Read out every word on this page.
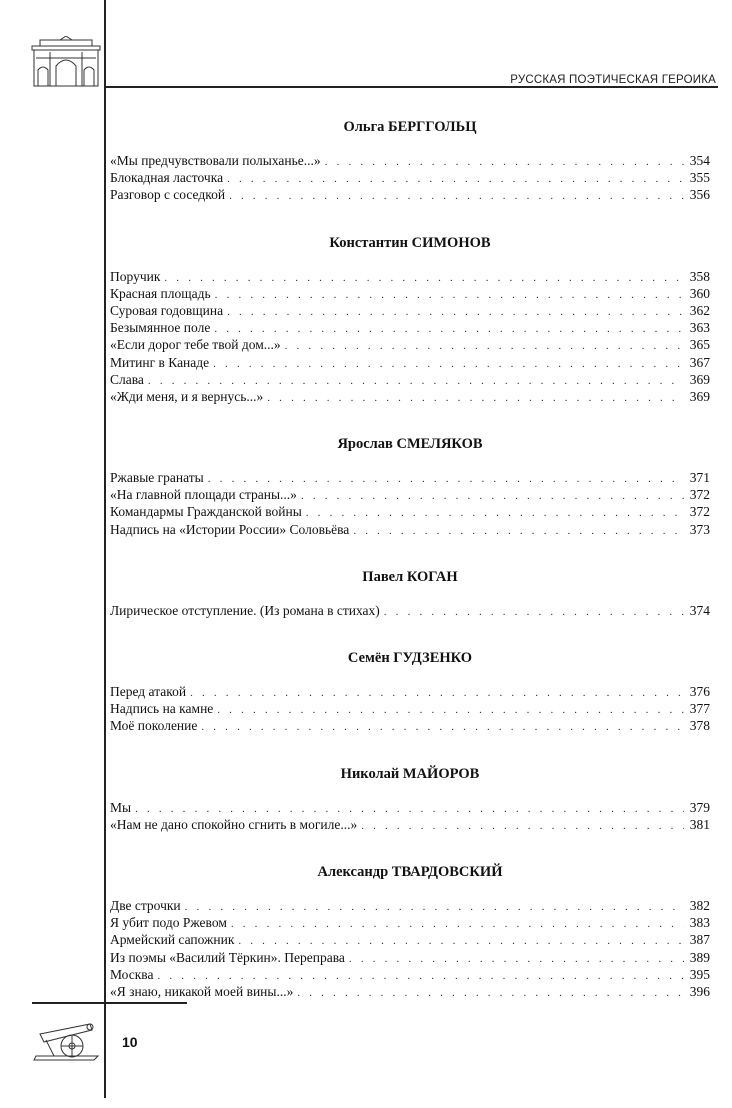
РУССКАЯ ПОЭТИЧЕСКАЯ ГЕРОИКА
Ольга БЕРГГОЛЬЦ
«Мы предчувствовали полыханье...» . . .	354
Блокадная ласточка . . .	355
Разговор с соседкой . . .	356
Константин СИМОНОВ
Поручик . . .	358
Красная площадь . . .	360
Суровая годовщина . . .	362
Безымянное поле . . .	363
«Если дорог тебе твой дом...» . . .	365
Митинг в Канаде . . .	367
Слава . . .	369
«Жди меня, и я вернусь...» . . .	369
Ярослав СМЕЛЯКОВ
Ржавые гранаты . . .	371
«На главной площади страны...» . . .	372
Командармы Гражданской войны . . .	372
Надпись на «Истории России» Соловьёва . . .	373
Павел КОГАН
Лирическое отступление. (Из романа в стихах) . . .	374
Семён ГУДЗЕНКО
Перед атакой . . .	376
Надпись на камне . . .	377
Моё поколение . . .	378
Николай МАЙОРОВ
Мы . . .	379
«Нам не дано спокойно сгнить в могиле...» . . .	381
Александр ТВАРДОВСКИЙ
Две строчки . . .	382
Я убит подо Ржевом . . .	383
Армейский сапожник . . .	387
Из поэмы «Василий Тёркин». Переправа . . .	389
Москва . . .	395
«Я знаю, никакой моей вины...» . . .	396
10
